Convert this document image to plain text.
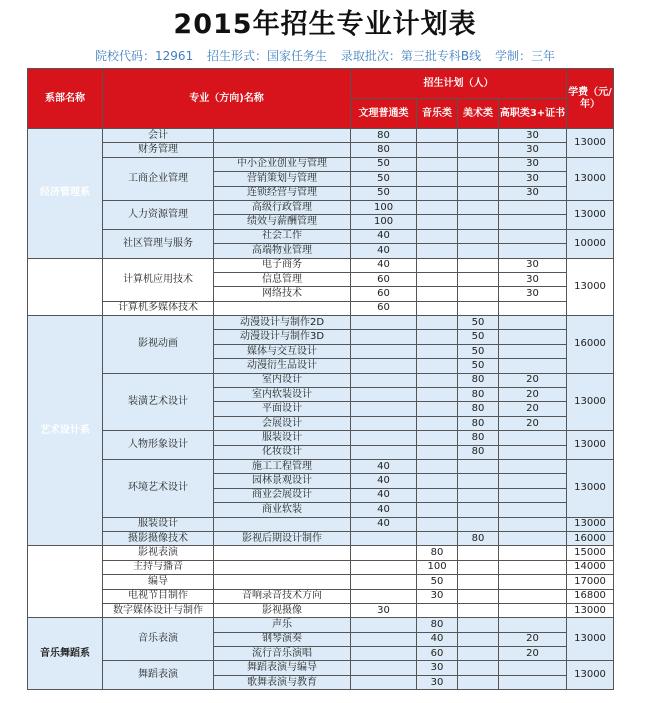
2015年招生专业计划表
院校代码：12961 招生形式：国家任务生 录取批次：第三批专科B线 学制：三年
系部名称	专业（方向)名称		招生计划（人）				学费（元/年）
			文理普通类	音乐类	美术类	高职类3+证书	
经济管理系	会计		80			30	13000
	财务管理		80			30	
	工商企业管理	中小企业创业与管理	50			30	13000
		营销策划与管理	50			30	
		连锁经营与管理	50			30	
	人力资源管理	高级行政管理	100				13000
		绩效与薪酬管理	100				
	社区管理与服务	社会工作	40				10000
		高端物业管理	40				
信息工程系	计算机应用技术	电子商务	40			30	13000
		信息管理	60			30	
		网络技术	60			30	
	计算机多媒体技术		60				
艺术设计系	影视动画	动漫设计与制作2D			50		16000
		动漫设计与制作3D			50		
		媒体与交互设计			50		
		动漫衍生品设计			50		
	装潢艺术设计	室内设计			80	20	13000
		室内软装设计			80	20	
		平面设计			80	20	
		会展设计			80	20	
	人物形象设计	服装设计			80		13000
		化妆设计			80		
	环境艺术设计	施工工程管理	40				13000
		园林景观设计	40				
		商业会展设计	40				
		商业软装	40				
	服装设计		40				13000
	摄影摄像技术	影视后期设计制作			80		16000
戏剧影视系	影视表演			80			15000
	主持与播音			100			14000
	编导			50			17000
	电视节目制作	音响录音技术方向		30			16800
	数字媒体设计与制作	影视摄像	30				13000
音乐舞蹈系	音乐表演	声乐		80			13000
		钢琴演奏		40		20	
		流行音乐演唱		60		20	
	舞蹈表演	舞蹈表演与编导		30			13000
		歌舞表演与教育		30			
